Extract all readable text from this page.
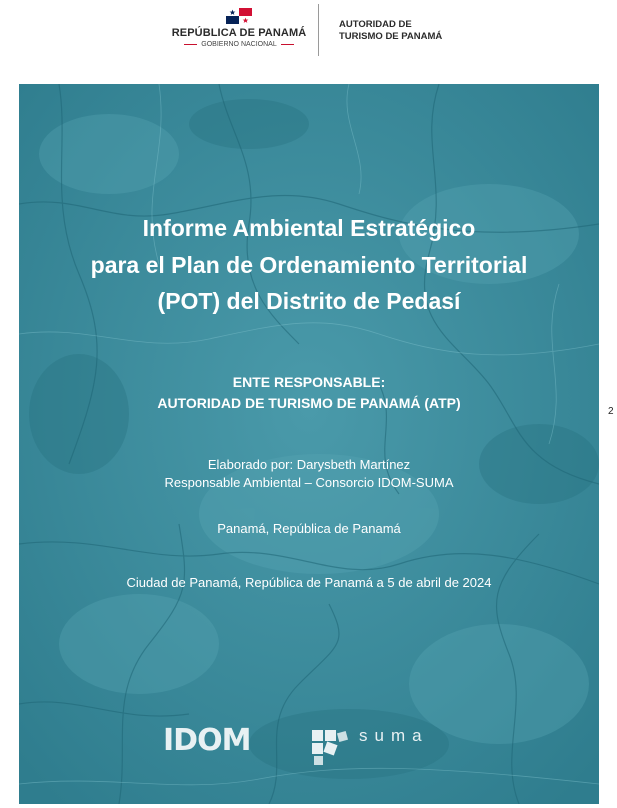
REPÚBLICA DE PANAMÁ
GOBIERNO NACIONAL
AUTORIDAD DE
TURISMO DE PANAMÁ
Informe Ambiental Estratégico
para el Plan de Ordenamiento Territorial
(POT) del Distrito de Pedasí
ENTE RESPONSABLE:
AUTORIDAD DE TURISMO DE PANAMÁ (ATP)
Elaborado por: Darysbeth Martínez
Responsable Ambiental – Consorcio IDOM-SUMA
Panamá, República de Panamá
Ciudad de Panamá, República de Panamá a 5 de abril de 2024
IDOM	suma
2
